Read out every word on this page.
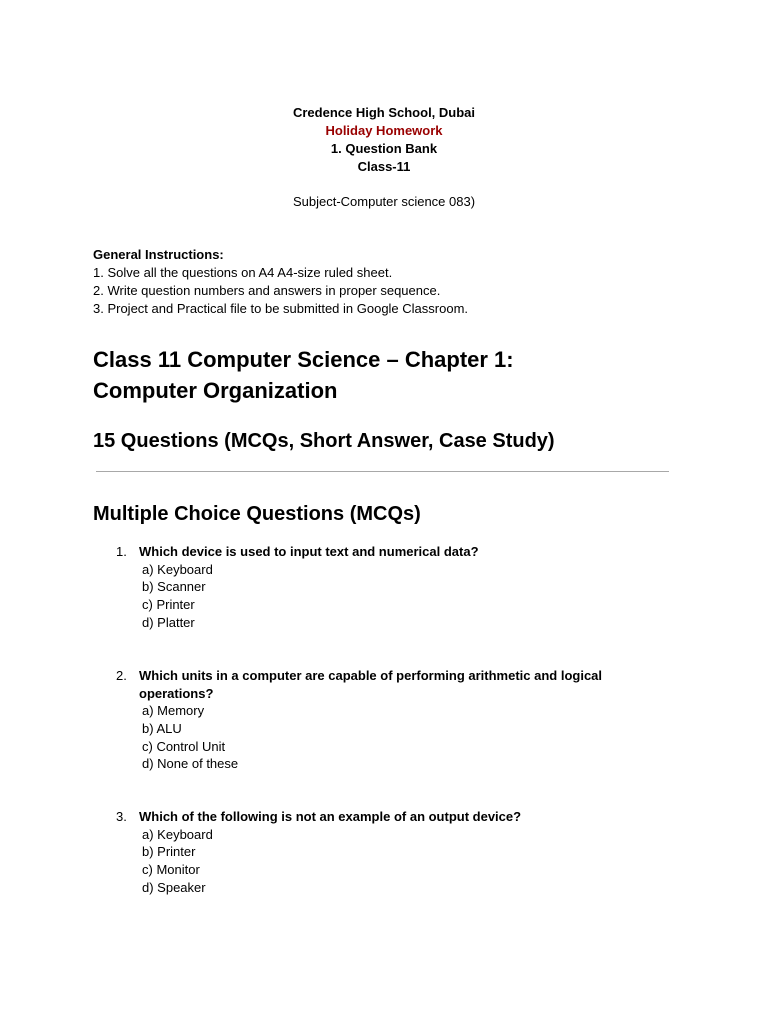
Credence High School, Dubai
Holiday Homework
1. Question Bank
Class-11
Subject-Computer science 083)
General Instructions:
1. Solve all the questions on A4 A4-size ruled sheet.
2. Write question numbers and answers in proper sequence.
3. Project and Practical file to be submitted in Google Classroom.
Class 11 Computer Science – Chapter 1:
Computer Organization
15 Questions (MCQs, Short Answer, Case Study)
Multiple Choice Questions (MCQs)
1. Which device is used to input text and numerical data?
a) Keyboard
b) Scanner
c) Printer
d) Platter
2. Which units in a computer are capable of performing arithmetic and logical operations?
a) Memory
b) ALU
c) Control Unit
d) None of these
3. Which of the following is not an example of an output device?
a) Keyboard
b) Printer
c) Monitor
d) Speaker
